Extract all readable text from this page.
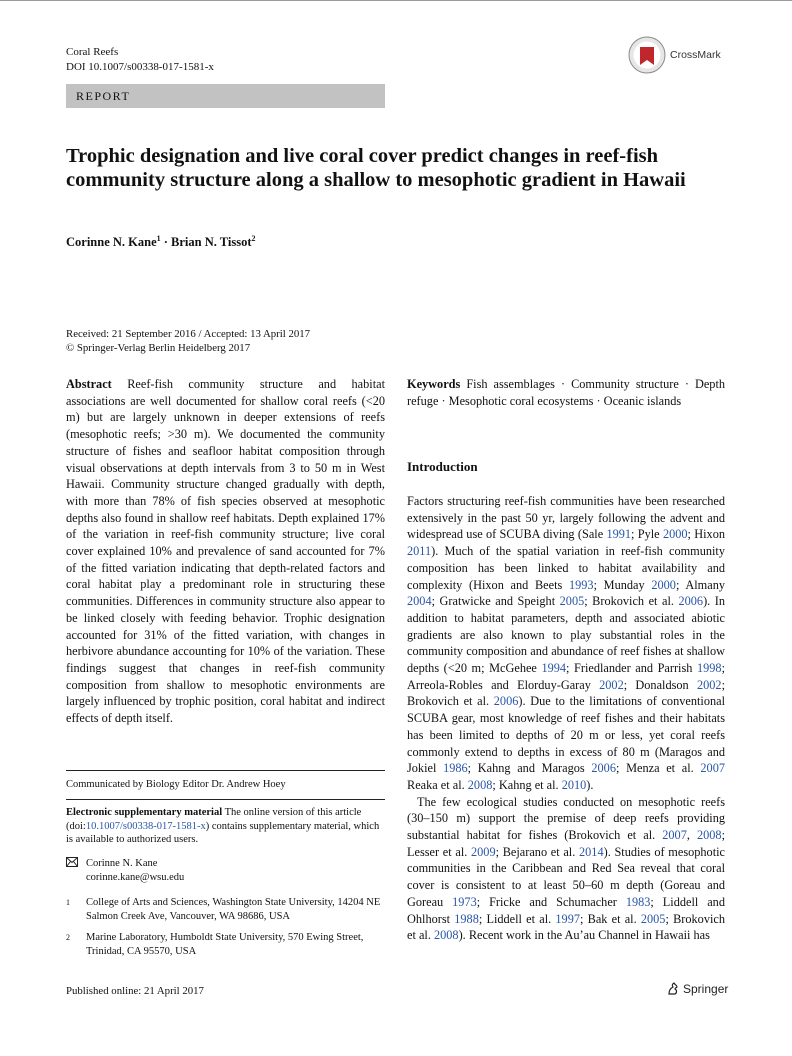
Coral Reefs
DOI 10.1007/s00338-017-1581-x
CrossMark
REPORT
Trophic designation and live coral cover predict changes in reef-fish community structure along a shallow to mesophotic gradient in Hawaii
Corinne N. Kane$^1$ · Brian N. Tissot$^2$
Received: 21 September 2016 / Accepted: 13 April 2017
© Springer-Verlag Berlin Heidelberg 2017
Abstract Reef-fish community structure and habitat associations are well documented for shallow coral reefs (<20 m) but are largely unknown in deeper extensions of reefs (mesophotic reefs; >30 m). We documented the community structure of fishes and seafloor habitat composition through visual observations at depth intervals from 3 to 50 m in West Hawaii. Community structure changed gradually with depth, with more than 78% of fish species observed at mesophotic depths also found in shallow reef habitats. Depth explained 17% of the variation in reef-fish community structure; live coral cover explained 10% and prevalence of sand accounted for 7% of the fitted variation indicating that depth-related factors and coral habitat play a predominant role in structuring these communities. Differences in community structure also appear to be linked closely with feeding behavior. Trophic designation accounted for 31% of the fitted variation, with changes in herbivore abundance accounting for 10% of the variation. These findings suggest that changes in reef-fish community composition from shallow to mesophotic environments are largely influenced by trophic position, coral habitat and indirect effects of depth itself.
Communicated by Biology Editor Dr. Andrew Hoey
Electronic supplementary material The online version of this article (doi:10.1007/s00338-017-1581-x) contains supplementary material, which is available to authorized users.
Corinne N. Kane
corinne.kane@wsu.edu
1	College of Arts and Sciences, Washington State University, 14204 NE Salmon Creek Ave, Vancouver, WA 98686, USA
2	Marine Laboratory, Humboldt State University, 570 Ewing Street, Trinidad, CA 95570, USA
Published online: 21 April 2017
Keywords Fish assemblages · Community structure · Depth refuge · Mesophotic coral ecosystems · Oceanic islands
Introduction

Factors structuring reef-fish communities have been researched extensively in the past 50 yr, largely following the advent and widespread use of SCUBA diving (Sale 1991; Pyle 2000; Hixon 2011). Much of the spatial variation in reef-fish community composition has been linked to habitat availability and complexity (Hixon and Beets 1993; Munday 2000; Almany 2004; Gratwicke and Speight 2005; Brokovich et al. 2006). In addition to habitat parameters, depth and associated abiotic gradients are also known to play substantial roles in the community composition and abundance of reef fishes at shallow depths (<20 m; McGehee 1994; Friedlander and Parrish 1998; Arreola-Robles and Elorduy-Garay 2002; Donaldson 2002; Brokovich et al. 2006). Due to the limitations of conventional SCUBA gear, most knowledge of reef fishes and their habitats has been limited to depths of 20 m or less, yet coral reefs commonly extend to depths in excess of 80 m (Maragos and Jokiel 1986; Kahng and Maragos 2006; Menza et al. 2007 Reaka et al. 2008; Kahng et al. 2010).

The few ecological studies conducted on mesophotic reefs (30–150 m) support the premise of deep reefs providing substantial habitat for fishes (Brokovich et al. 2007, 2008; Lesser et al. 2009; Bejarano et al. 2014). Studies of mesophotic communities in the Caribbean and Red Sea reveal that coral cover is consistent to at least 50–60 m depth (Goreau and Goreau 1973; Fricke and Schumacher 1983; Liddell and Ohlhorst 1988; Liddell et al. 1997; Bak et al. 2005; Brokovich et al. 2008). Recent work in the Au’au Channel in Hawaii has

Springer
